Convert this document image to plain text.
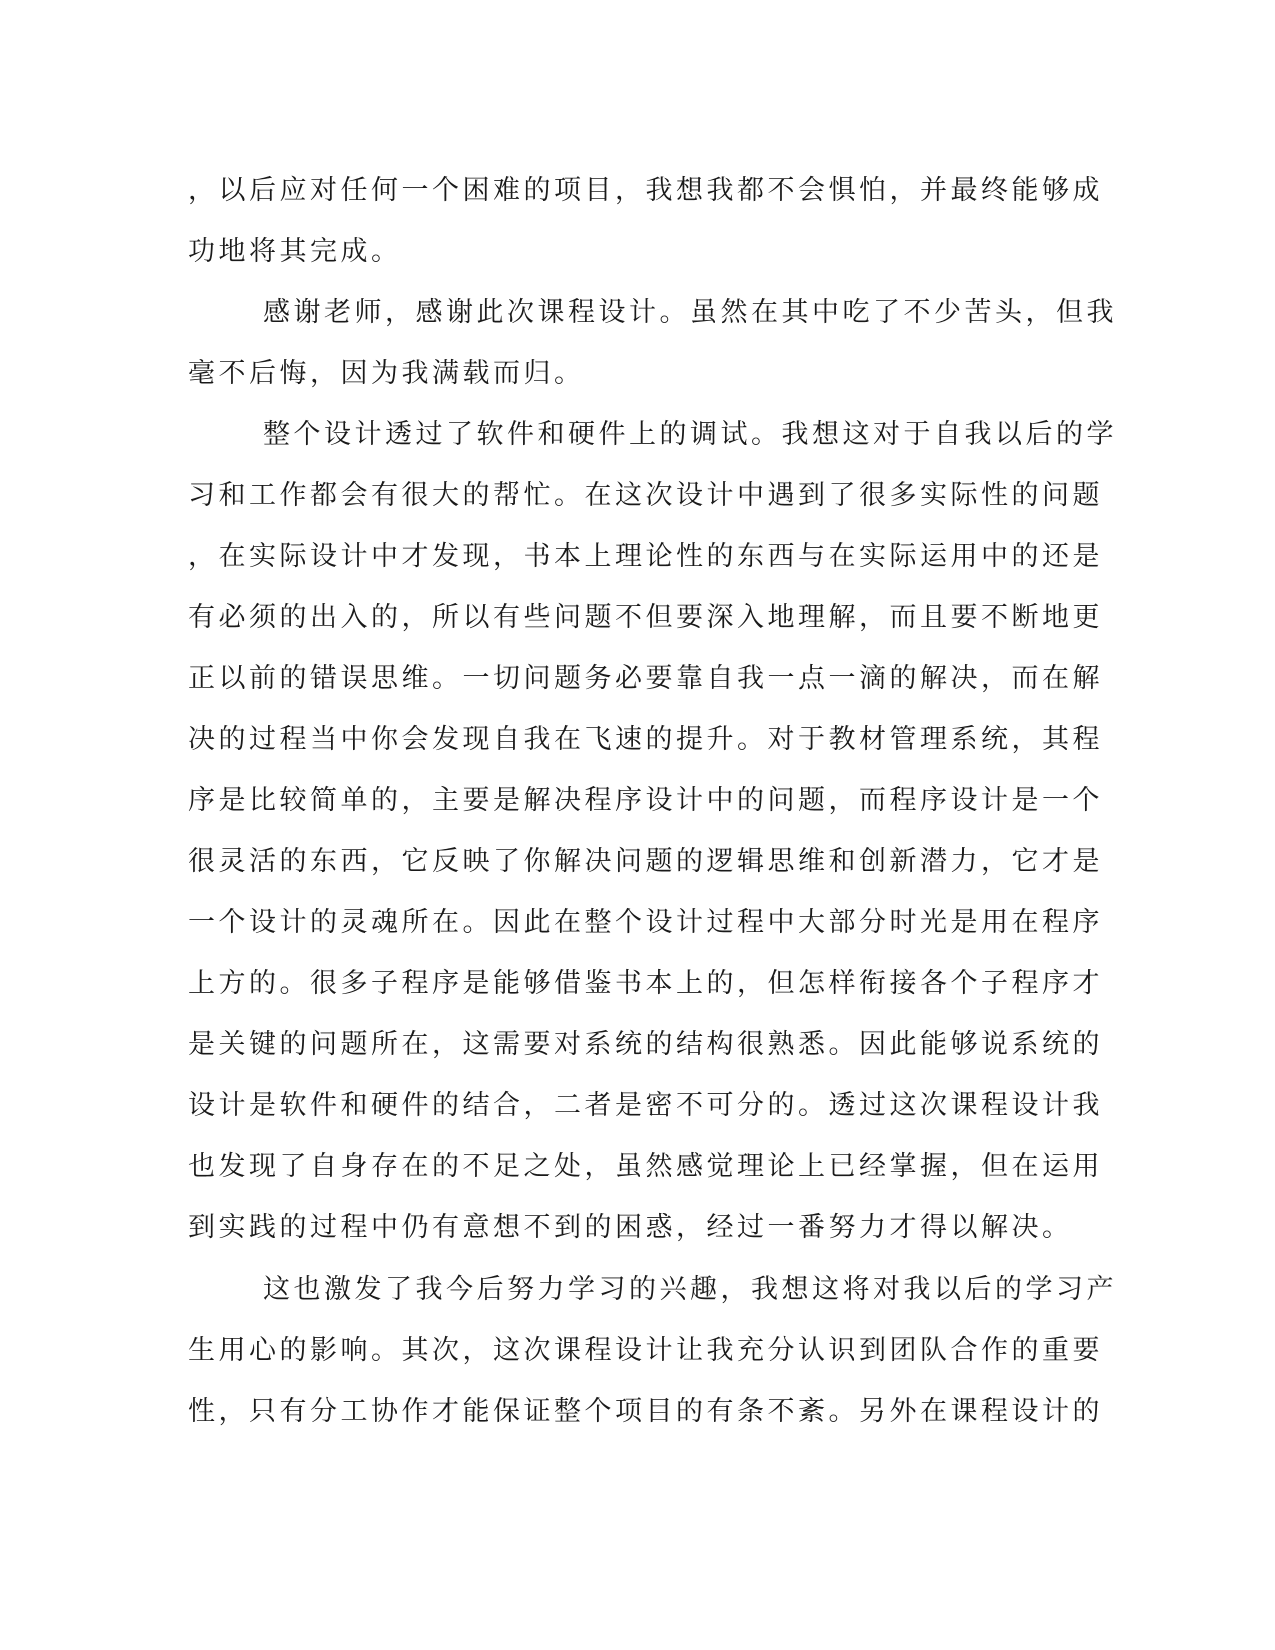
，以后应对任何一个困难的项目，我想我都不会惧怕，并最终能够成
功地将其完成。
感谢老师，感谢此次课程设计。虽然在其中吃了不少苦头，但我
毫不后悔，因为我满载而归。
整个设计透过了软件和硬件上的调试。我想这对于自我以后的学
习和工作都会有很大的帮忙。在这次设计中遇到了很多实际性的问题
，在实际设计中才发现，书本上理论性的东西与在实际运用中的还是
有必须的出入的，所以有些问题不但要深入地理解，而且要不断地更
正以前的错误思维。一切问题务必要靠自我一点一滴的解决，而在解
决的过程当中你会发现自我在飞速的提升。对于教材管理系统，其程
序是比较简单的，主要是解决程序设计中的问题，而程序设计是一个
很灵活的东西，它反映了你解决问题的逻辑思维和创新潜力，它才是
一个设计的灵魂所在。因此在整个设计过程中大部分时光是用在程序
上方的。很多子程序是能够借鉴书本上的，但怎样衔接各个子程序才
是关键的问题所在，这需要对系统的结构很熟悉。因此能够说系统的
设计是软件和硬件的结合，二者是密不可分的。透过这次课程设计我
也发现了自身存在的不足之处，虽然感觉理论上已经掌握，但在运用
到实践的过程中仍有意想不到的困惑，经过一番努力才得以解决。
这也激发了我今后努力学习的兴趣，我想这将对我以后的学习产
生用心的影响。其次，这次课程设计让我充分认识到团队合作的重要
性，只有分工协作才能保证整个项目的有条不紊。另外在课程设计的
